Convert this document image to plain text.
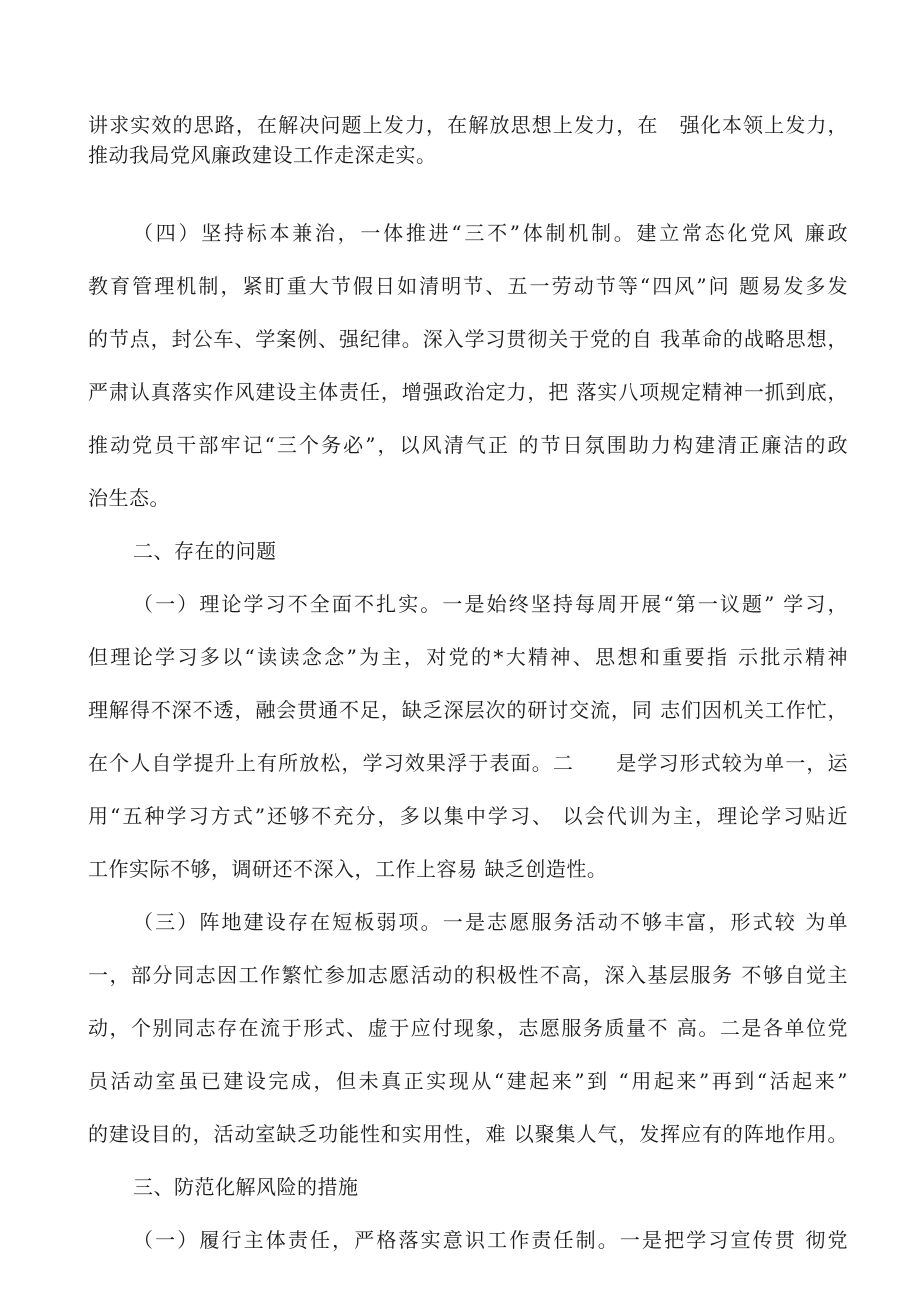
讲求实效的思路，在解决问题上发力，在解放思想上发力，在　强化本领上发力，
推动我局党风廉政建设工作走深走实。
（四）坚持标本兼治，一体推进“三不”体制机制。建立常态化党风 廉政
教育管理机制，紧盯重大节假日如清明节、五一劳动节等“四风”问 题易发多发
的节点，封公车、学案例、强纪律。深入学习贯彻关于党的自 我革命的战略思想，
严肃认真落实作风建设主体责任，增强政治定力，把 落实八项规定精神一抓到底，
推动党员干部牢记“三个务必”，以风清气正 的节日氛围助力构建清正廉洁的政
治生态。
二、存在的问题
（一）理论学习不全面不扎实。一是始终坚持每周开展“第一议题” 学习，
但理论学习多以“读读念念”为主，对党的*大精神、思想和重要指 示批示精神
理解得不深不透，融会贯通不足，缺乏深层次的研讨交流，同 志们因机关工作忙，
在个人自学提升上有所放松，学习效果浮于表面。二　　是学习形式较为单一，运
用“五种学习方式”还够不充分，多以集中学习、 以会代训为主，理论学习贴近
工作实际不够，调研还不深入，工作上容易 缺乏创造性。
（三）阵地建设存在短板弱项。一是志愿服务活动不够丰富，形式较 为单
一，部分同志因工作繁忙参加志愿活动的积极性不高，深入基层服务 不够自觉主
动，个别同志存在流于形式、虚于应付现象，志愿服务质量不 高。二是各单位党
员活动室虽已建设完成，但未真正实现从“建起来”到 “用起来”再到“活起来”
的建设目的，活动室缺乏功能性和实用性，难 以聚集人气，发挥应有的阵地作用。
三、防范化解风险的措施
（一）履行主体责任，严格落实意识工作责任制。一是把学习宣传贯 彻党
